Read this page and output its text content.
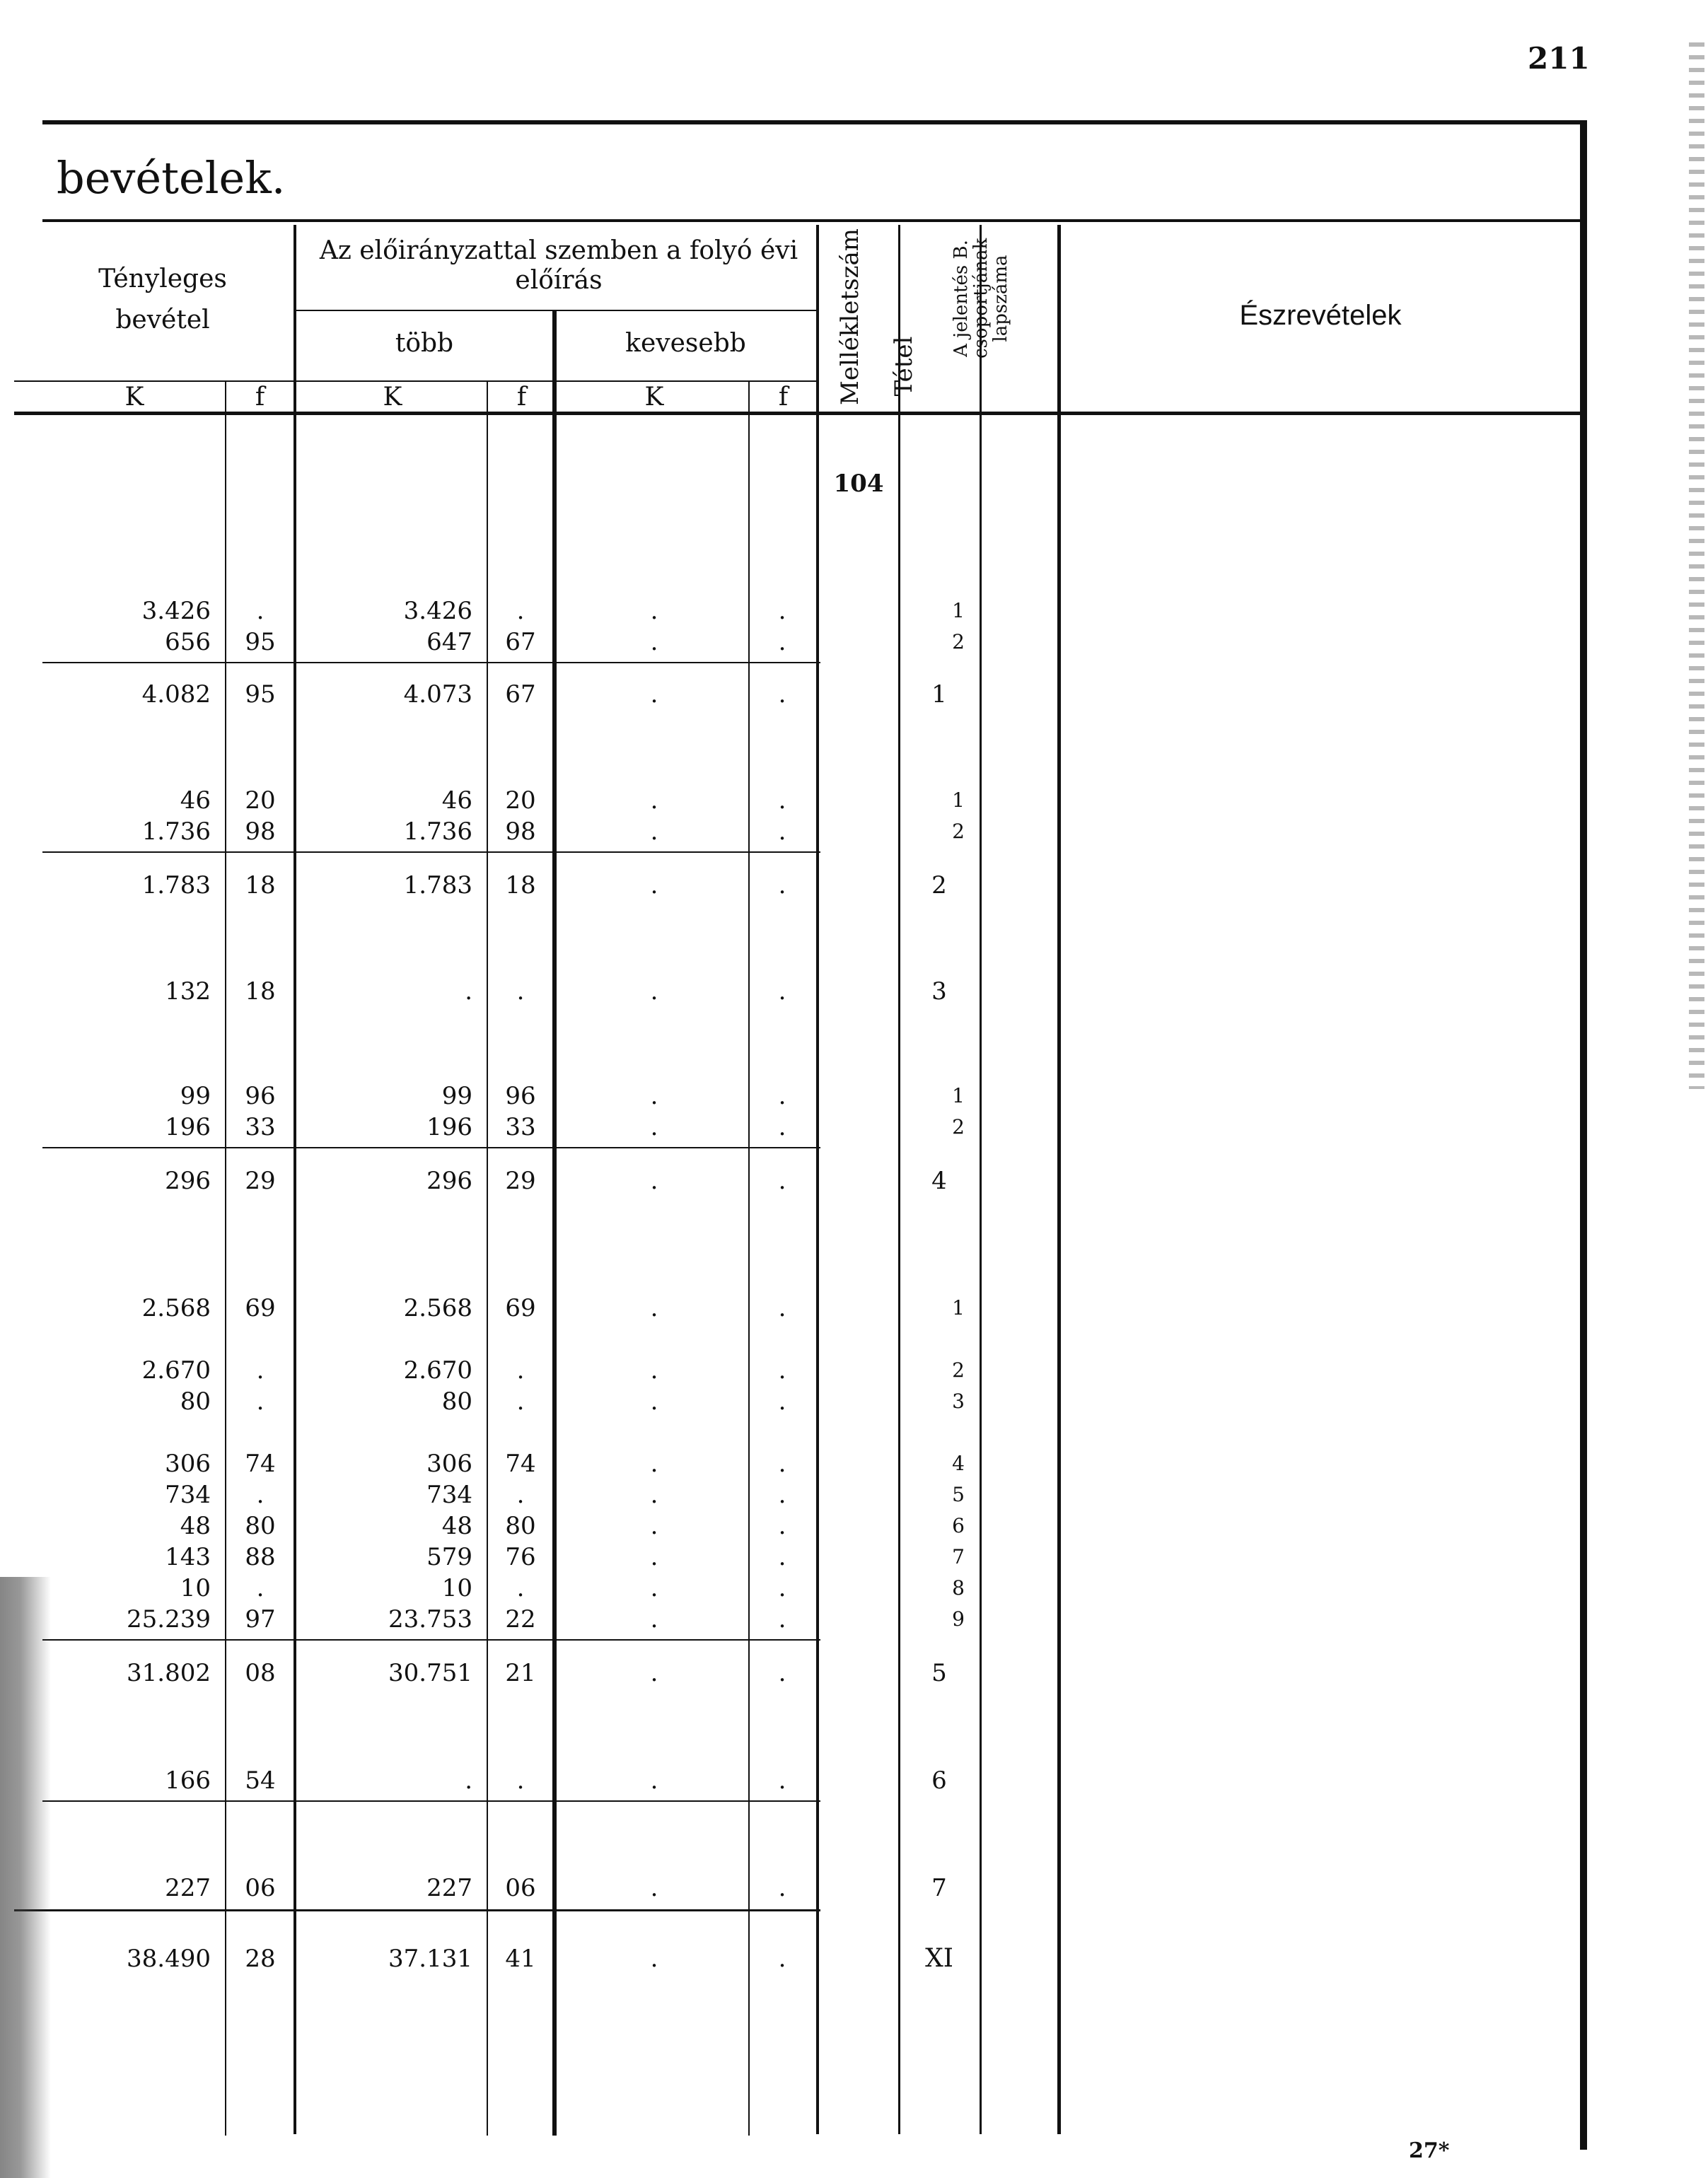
211
bevételek.
Tényleges bevétel
Az előirányzattal szemben a folyó évi előírás
több	kevesebb
K	f	K	f	K	f	Mellékletszám Tétel
A jelentés B. csoportjának lapszáma	Észrevételek
104
3.426	.	3.426	.	.	.	1
656	95	647	67	.	.	2
4.082	95	4.073	67	.	.	1
46	20	46	20	.	.	1
1.736	98	1.736	98	.	.	2
1.783	18	1.783	18	.	.	2
132	18	.	.	.	.	3
99	96	99	96	.	.	1
196	33	196	33	.	.	2
296	29	296	29	.	.	4
2.568	69	2.568	69	.	.	1
2.670	.	2.670	.	.	.	2
80	.	80	.	.	.	3
306	74	306	74	.	.	4
734	.	734	.	.	.	5
48	80	48	80	.	.	6
143	88	579	76	.	.	7
10	.	10	.	.	.	8
25.239	97	23.753	22	.	.	9
31.802	08	30.751	21	.	.	5
166	54	.	.	.	.	6
227	06	227	06	.	.	7
38.490	28	37.131	41	.	.	XI
27*
